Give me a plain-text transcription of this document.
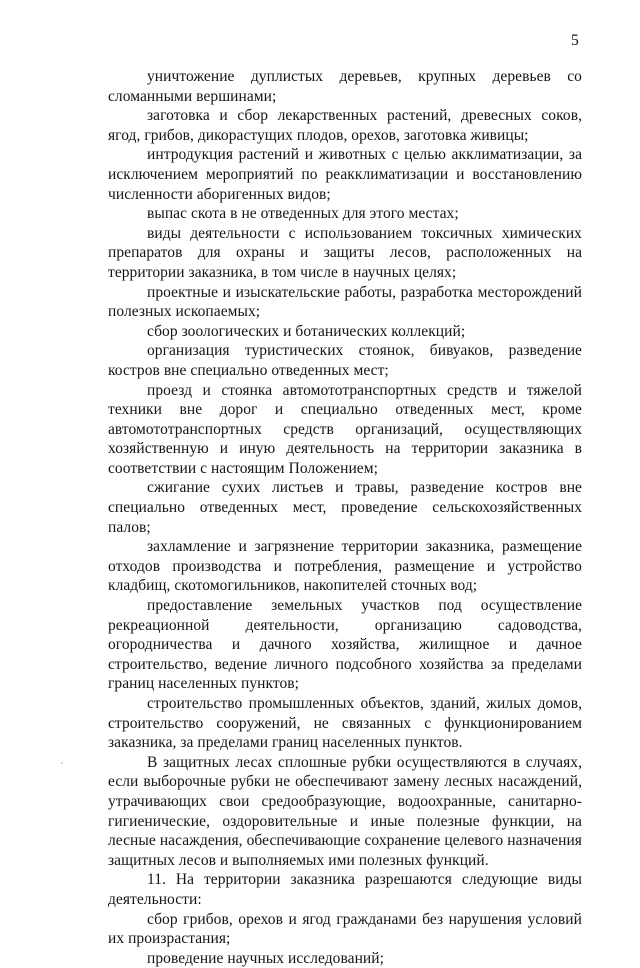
5

уничтожение дуплистых деревьев, крупных деревьев со сломанными вершинами;

заготовка и сбор лекарственных растений, древесных соков, ягод, грибов, дикорастущих плодов, орехов, заготовка живицы;

интродукция растений и животных с целью акклиматизации, за исключением мероприятий по реакклиматизации и восстановлению численности аборигенных видов;

выпас скота в не отведенных для этого местах;

виды деятельности с использованием токсичных химических препаратов для охраны и защиты лесов, расположенных на территории заказника, в том числе в научных целях;

проектные и изыскательские работы, разработка месторождений полезных ископаемых;

сбор зоологических и ботанических коллекций;

организация туристических стоянок, бивуаков, разведение костров вне специально отведенных мест;

проезд и стоянка автомототранспортных средств и тяжелой техники вне дорог и специально отведенных мест, кроме автомототранспортных средств организаций, осуществляющих хозяйственную и иную деятельность на территории заказника в соответствии с настоящим Положением;

сжигание сухих листьев и травы, разведение костров вне специально отведенных мест, проведение сельскохозяйственных палов;

захламление и загрязнение территории заказника, размещение отходов производства и потребления, размещение и устройство кладбищ, скотомогильников, накопителей сточных вод;

предоставление земельных участков под осуществление рекреационной деятельности, организацию садоводства, огородничества и дачного хозяйства, жилищное и дачное строительство, ведение личного подсобного хозяйства за пределами границ населенных пунктов;

строительство промышленных объектов, зданий, жилых домов, строительство сооружений, не связанных с функционированием заказника, за пределами границ населенных пунктов.

В защитных лесах сплошные рубки осуществляются в случаях, если выборочные рубки не обеспечивают замену лесных насаждений, утрачивающих свои средообразующие, водоохранные, санитарно-гигиенические, оздоровительные и иные полезные функции, на лесные насаждения, обеспечивающие сохранение целевого назначения защитных лесов и выполняемых ими полезных функций.

11. На территории заказника разрешаются следующие виды деятельности:

сбор грибов, орехов и ягод гражданами без нарушения условий их произрастания;

проведение научных исследований;
